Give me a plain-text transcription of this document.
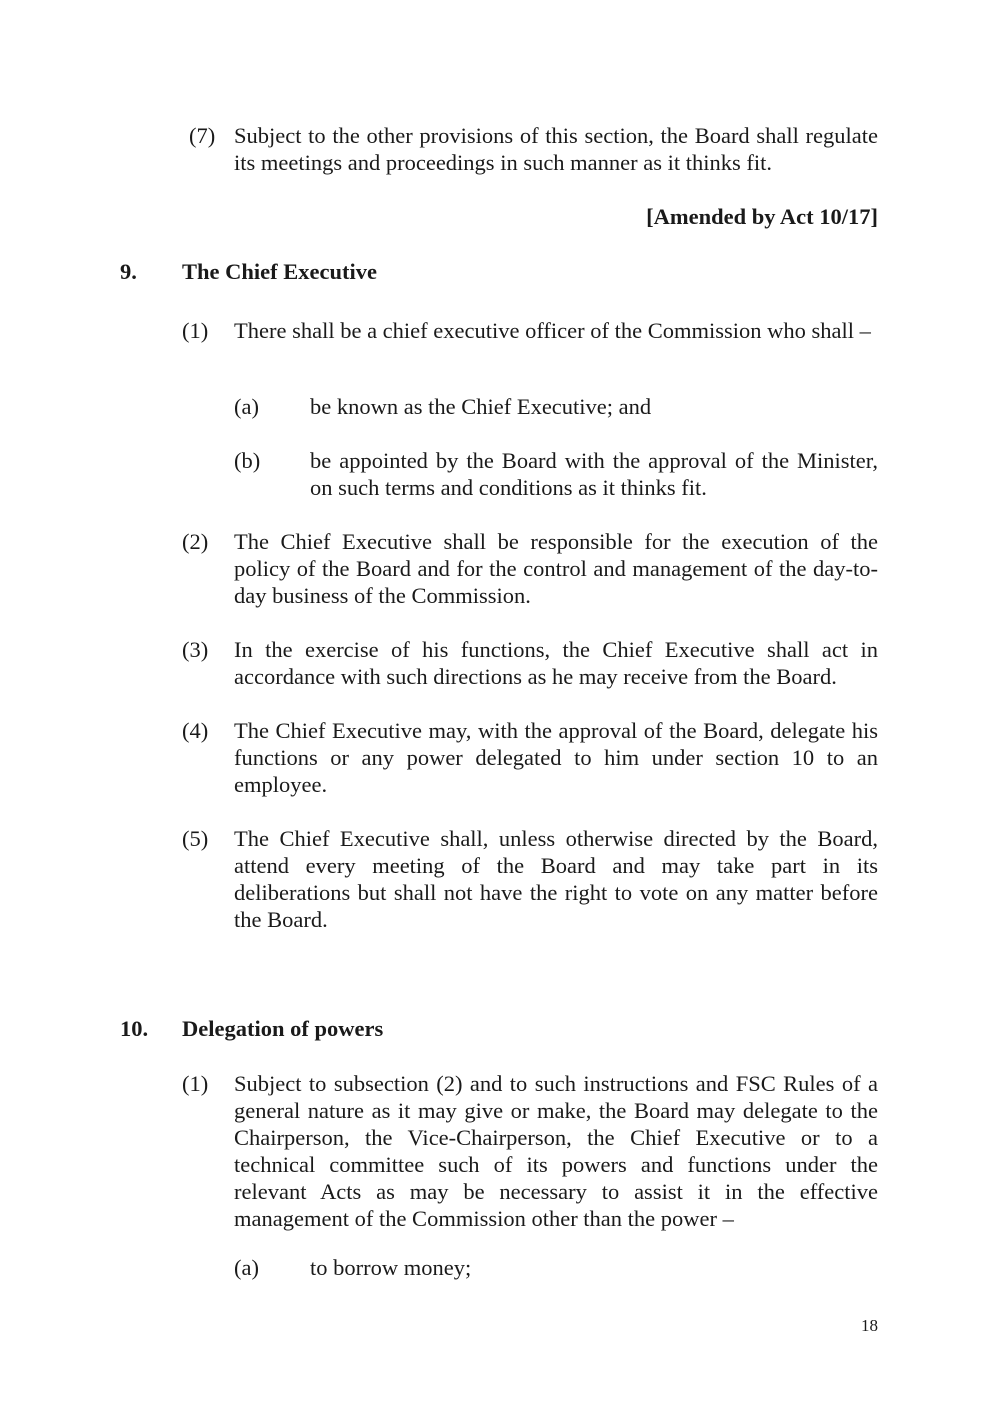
(7) Subject to the other provisions of this section, the Board shall regulate its meetings and proceedings in such manner as it thinks fit.
[Amended by Act 10/17]
9. The Chief Executive
(1) There shall be a chief executive officer of the Commission who shall –
(a) be known as the Chief Executive; and
(b) be appointed by the Board with the approval of the Minister, on such terms and conditions as it thinks fit.
(2) The Chief Executive shall be responsible for the execution of the policy of the Board and for the control and management of the day-to-day business of the Commission.
(3) In the exercise of his functions, the Chief Executive shall act in accordance with such directions as he may receive from the Board.
(4) The Chief Executive may, with the approval of the Board, delegate his functions or any power delegated to him under section 10 to an employee.
(5) The Chief Executive shall, unless otherwise directed by the Board, attend every meeting of the Board and may take part in its deliberations but shall not have the right to vote on any matter before the Board.
10. Delegation of powers
(1) Subject to subsection (2) and to such instructions and FSC Rules of a general nature as it may give or make, the Board may delegate to the Chairperson, the Vice-Chairperson, the Chief Executive or to a technical committee such of its powers and functions under the relevant Acts as may be necessary to assist it in the effective management of the Commission other than the power –
(a) to borrow money;
18
